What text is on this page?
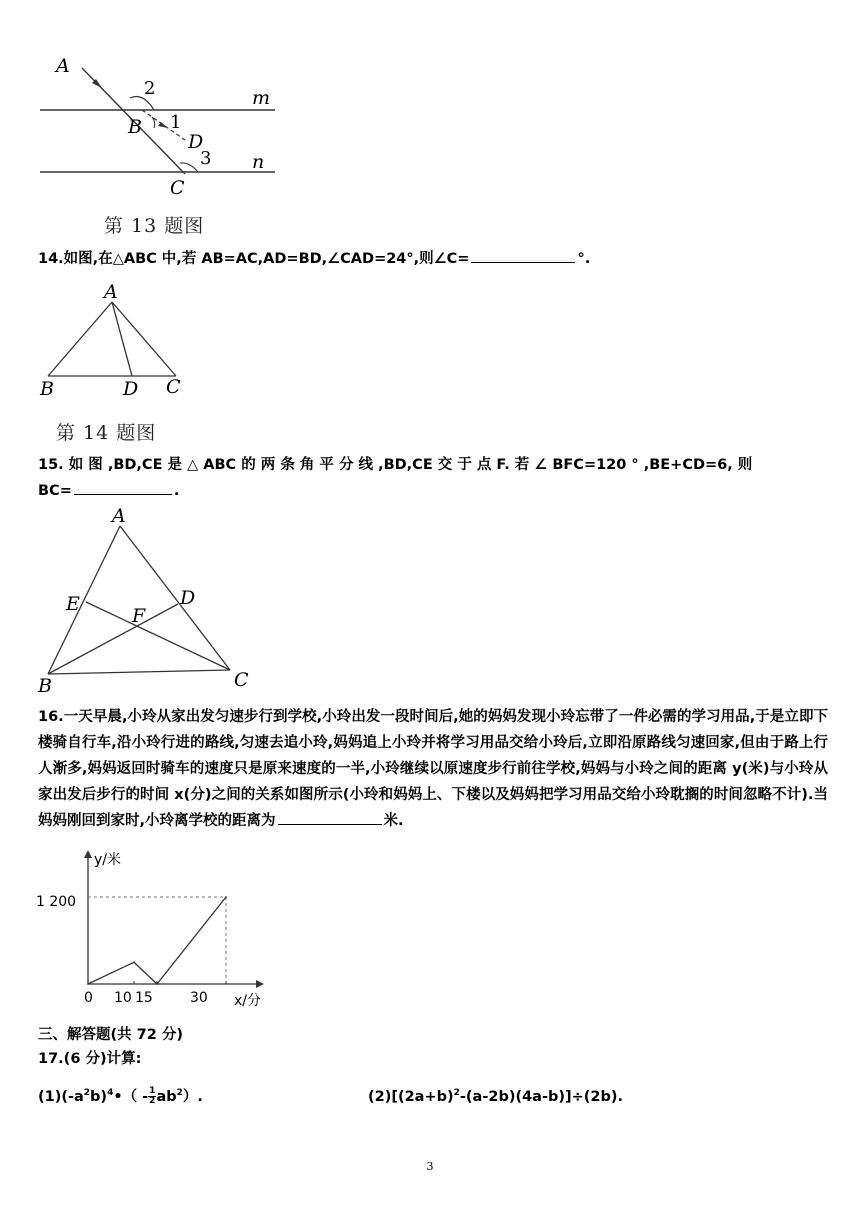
A
B
C
D
m
n
2
1
3
第 13 题图
14.如图,在△ABC 中,若 AB=AC,AD=BD,∠CAD=24°,则∠C=	°.
A
B	D C
第 14 题图
15. 如 图 ,BD,CE 是 △ ABC 的 两 条 角 平 分 线 ,BD,CE 交 于 点 F. 若 ∠ BFC=120 ° ,BE+CD=6, 则
BC=	.
A
E
F
D
B	C
16.一天早晨,小玲从家出发匀速步行到学校,小玲出发一段时间后,她的妈妈发现小玲忘带了一件必需的学习用品,于是立即下楼骑自行车,沿小玲行进的路线,匀速去追小玲,妈妈追上小玲并将学习用品交给小玲后,立即沿原路线匀速回家,但由于路上行人渐多,妈妈返回时骑车的速度只是原来速度的一半,小玲继续以原速度步行前往学校,妈妈与小玲之间的距离 y(米)与小玲从家出发后步行的时间 x(分)之间的关系如图所示(小玲和妈妈上、下楼以及妈妈把学习用品交给小玲耽搁的时间忽略不计).当妈妈刚回到家时,小玲离学校的距离为	米.
y/米
x/分
0
1 200
10 15	30
三、解答题(共 72 分)
17.(6 分)计算:
$(1)(-a^2b)^4•( - \frac{1}{2} ab^2)$.	$(2)[(2a+b)^2-(a-2b)(4a-b)]\div(2b)$.
3
